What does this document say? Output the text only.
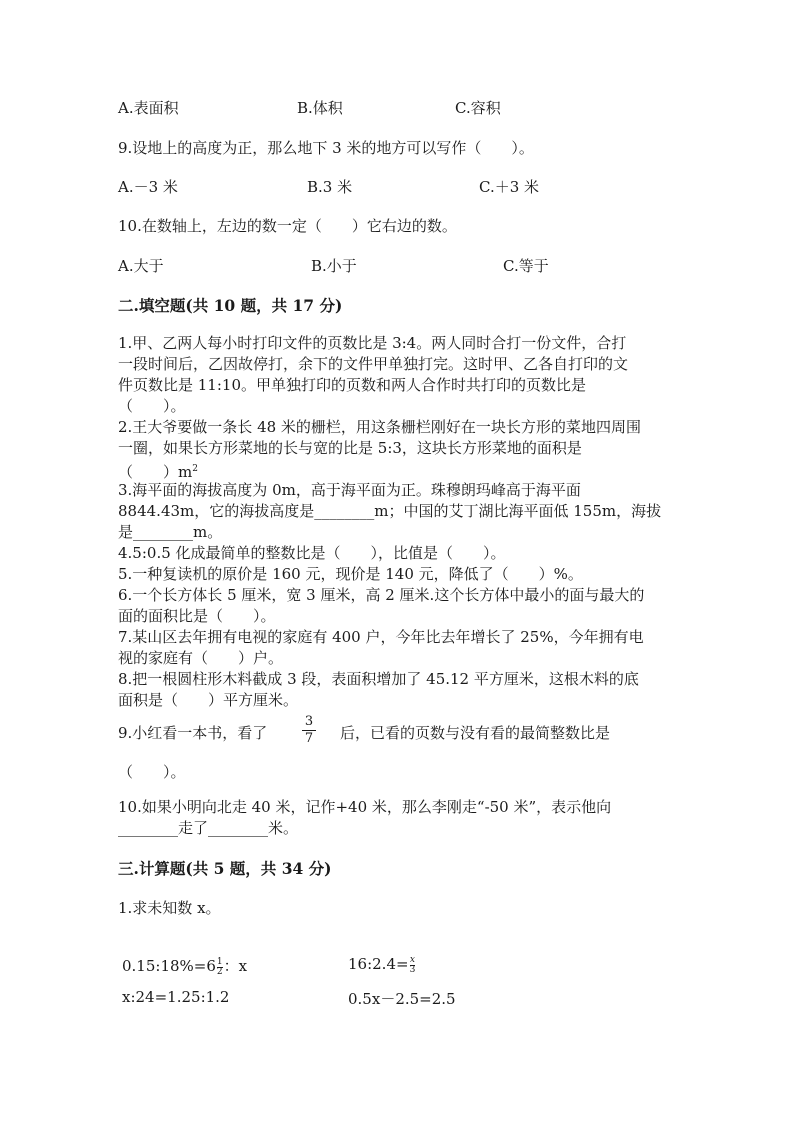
A.表面积	B.体积	C.容积
9.设地上的高度为正，那么地下 3 米的地方可以写作（　　）。
A.－3 米	B.3 米	C.＋3 米
10.在数轴上，左边的数一定（　　）它右边的数。
A.大于	B.小于	C.等于
二.填空题(共 10 题，共 17 分)
1.甲、乙两人每小时打印文件的页数比是 3:4。两人同时合打一份文件，合打
一段时间后，乙因故停打，余下的文件甲单独打完。这时甲、乙各自打印的文
件页数比是 11:10。甲单独打印的页数和两人合作时共打印的页数比是
（　　）。
2.王大爷要做一条长 48 米的栅栏，用这条栅栏刚好在一块长方形的菜地四周围
一圈，如果长方形菜地的长与宽的比是 5:3，这块长方形菜地的面积是
（　　）$m^2$
3.海平面的海拔高度为 0m，高于海平面为正。珠穆朗玛峰高于海平面
8844.43m，它的海拔高度是________m；中国的艾丁湖比海平面低 155m，海拔
是________m。
4.5:0.5 化成最简单的整数比是（　　），比值是（　　）。
5.一种复读机的原价是 160 元，现价是 140 元，降低了（　　）%。
6.一个长方体长 5 厘米，宽 3 厘米，高 2 厘米.这个长方体中最小的面与最大的
面的面积比是（　　）。
7.某山区去年拥有电视的家庭有 400 户，今年比去年增长了 25%，今年拥有电
视的家庭有（　　）户。
8.把一根圆柱形木料截成 3 段，表面积增加了 45.12 平方厘米，这根木料的底
面积是（　　）平方厘米。
9.小红看一本书，看了
3
7 后，已看的页数与没有看的最简整数比是
（　　）。
10.如果小明向北走 40 米，记作+40 米，那么李刚走“-50 米”，表示他向
________走了________米。
三.计算题(共 5 题，共 34 分)
1.求未知数 x。
0.15:18%=6 $\frac{1}{2}$ ：x	16:2.4= $\frac{x}{3}$
x:24=1.25:1.2	0.5x－2.5=2.5
